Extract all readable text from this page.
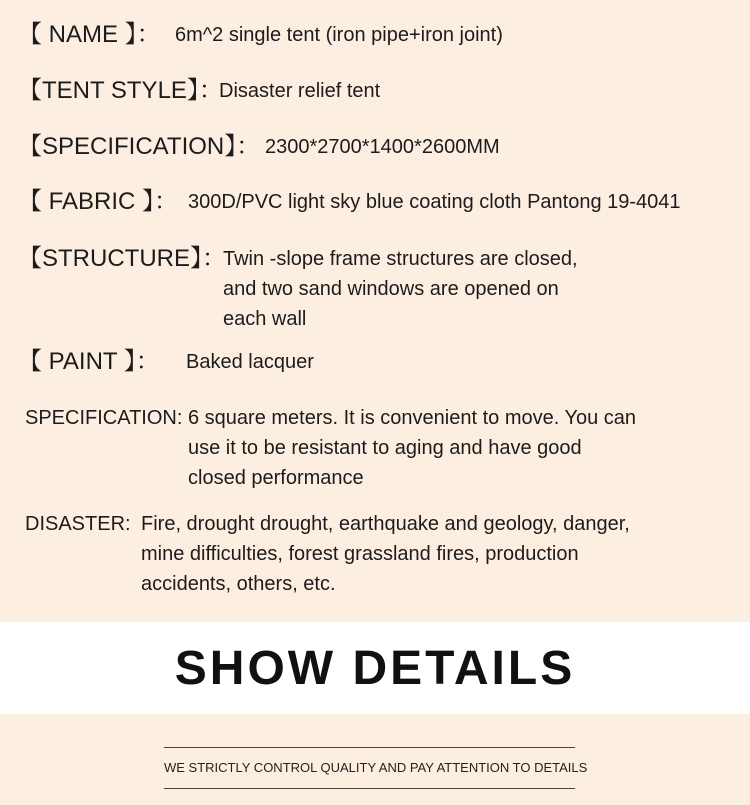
【 NAME 】： 6m^2 single tent (iron pipe+iron joint)
【TENT STYLE】：
Disaster relief tent
【SPECIFICATION】： 2300*2700*1400*2600MM
【 FABRIC 】： 300D/PVC light sky blue coating cloth Pantong 19-4041
【STRUCTURE】：
Twin -slope frame structures are closed,
and two sand windows are opened on
each wall
【 PAINT 】：	Baked lacquer
SPECIFICATION: 6 square meters. It is convenient to move. You can
use it to be resistant to aging and have good
closed performance
DISASTER: Fire, drought drought, earthquake and geology, danger,
mine difficulties, forest grassland fires, production
accidents, others, etc.
SHOW DETAILS
WE STRICTLY CONTROL QUALITY AND PAY ATTENTION TO DETAILS
